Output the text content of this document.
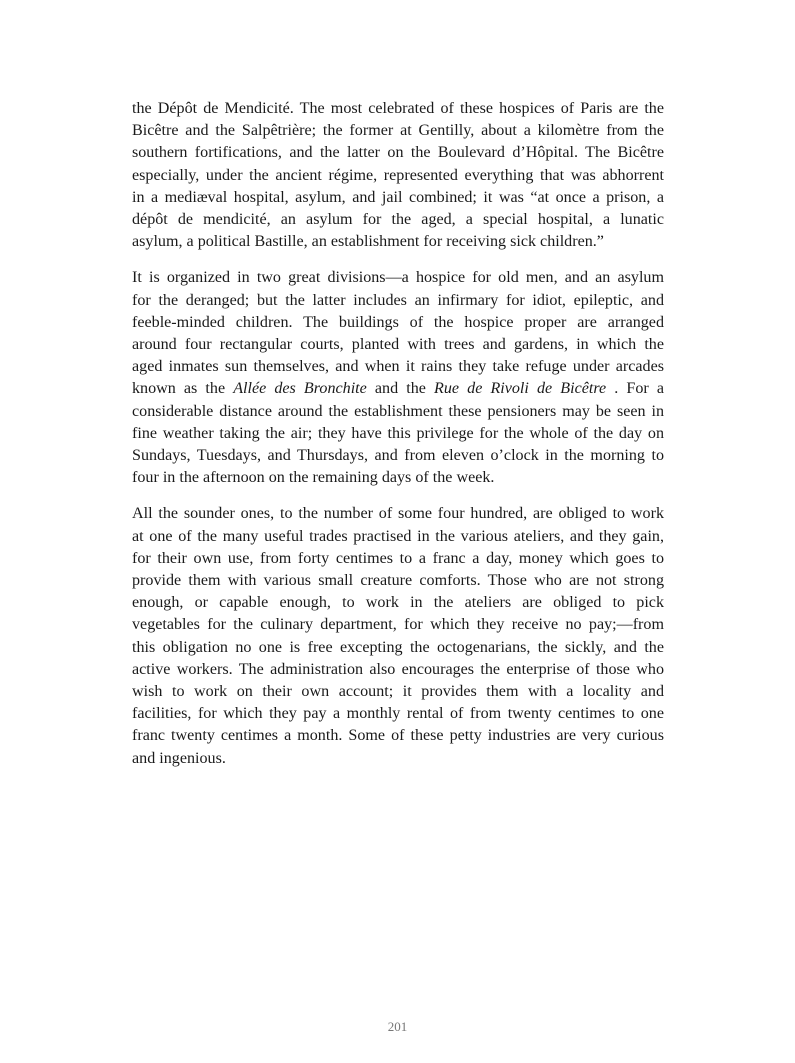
the Dépôt de Mendicité. The most celebrated of these hospices of Paris are the
Bicêtre and the Salpêtrière; the former at Gentilly, about a kilomètre from the
southern fortifications, and the latter on the Boulevard d’Hôpital. The Bicêtre
especially, under the ancient régime, represented everything that was abhorrent
in a mediæval hospital, asylum, and jail combined; it was “at once a prison, a
dépôt de mendicité, an asylum for the aged, a special hospital, a lunatic
asylum, a political Bastille, an establishment for receiving sick children.”

It is organized in two great divisions—a hospice for old men, and an asylum
for the deranged; but the latter includes an infirmary for idiot, epileptic, and
feeble-minded children. The buildings of the hospice proper are arranged
around four rectangular courts, planted with trees and gardens, in which the
aged inmates sun themselves, and when it rains they take refuge under arcades
known as the Allée des Bronchite and the Rue de Rivoli de Bicêtre . For a
considerable distance around the establishment these pensioners may be seen in
fine weather taking the air; they have this privilege for the whole of the day on
Sundays, Tuesdays, and Thursdays, and from eleven o’clock in the morning to
four in the afternoon on the remaining days of the week.

All the sounder ones, to the number of some four hundred, are obliged to work
at one of the many useful trades practised in the various ateliers, and they gain,
for their own use, from forty centimes to a franc a day, money which goes to
provide them with various small creature comforts. Those who are not strong
enough, or capable enough, to work in the ateliers are obliged to pick
vegetables for the culinary department, for which they receive no pay;—from
this obligation no one is free excepting the octogenarians, the sickly, and the
active workers. The administration also encourages the enterprise of those who
wish to work on their own account; it provides them with a locality and
facilities, for which they pay a monthly rental of from twenty centimes to one
franc twenty centimes a month. Some of these petty industries are very curious
and ingenious.

201
